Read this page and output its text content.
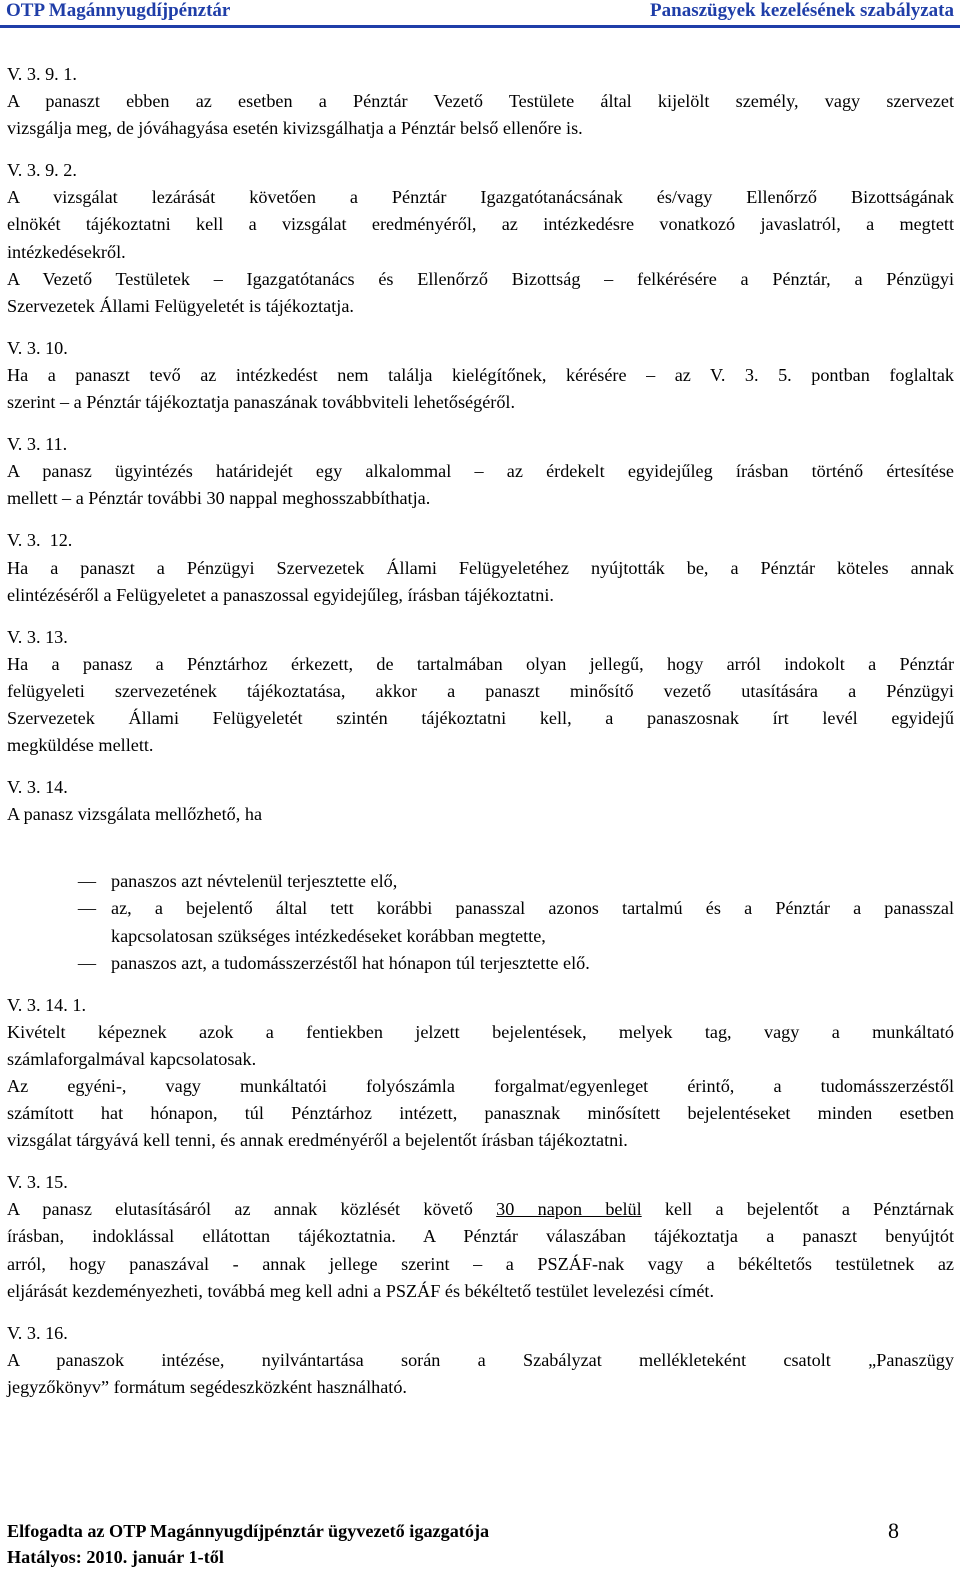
OTP Magánnyugdíjpénztár	Panaszügyek kezelésének szabályzata
V. 3. 9. 1.
A panaszt ebben az esetben a Pénztár Vezető Testülete által kijelölt személy, vagy szervezet
vizsgálja meg, de jóváhagyása esetén kivizsgálhatja a Pénztár belső ellenőre is.
V. 3. 9. 2.
A vizsgálat lezárását követően a Pénztár Igazgatótanácsának és/vagy Ellenőrző Bizottságának
elnökét tájékoztatni kell a vizsgálat eredményéről, az intézkedésre vonatkozó javaslatról, a megtett
intézkedésekről.
A Vezető Testületek – Igazgatótanács és Ellenőrző Bizottság – felkérésére a Pénztár, a Pénzügyi
Szervezetek Állami Felügyeletét is tájékoztatja.
V. 3. 10.
Ha a panaszt tevő az intézkedést nem találja kielégítőnek, kérésére – az V. 3. 5. pontban foglaltak
szerint – a Pénztár tájékoztatja panaszának továbbviteli lehetőségéről.
V. 3. 11.
A panasz ügyintézés határidejét egy alkalommal – az érdekelt egyidejűleg írásban történő értesítése
mellett – a Pénztár további 30 nappal meghosszabbíthatja.
V. 3.  12.
Ha a panaszt a Pénzügyi Szervezetek Állami Felügyeletéhez nyújtották be, a Pénztár köteles annak
elintézéséről a Felügyeletet a panaszossal egyidejűleg, írásban tájékoztatni.
V. 3. 13.
Ha a panasz a Pénztárhoz érkezett, de tartalmában olyan jellegű, hogy arról indokolt a Pénztár
felügyeleti szervezetének tájékoztatása, akkor a panaszt minősítő vezető utasítására a Pénzügyi
Szervezetek Állami Felügyeletét szintén tájékoztatni kell, a panaszosnak írt levél egyidejű
megküldése mellett.
V. 3. 14.
A panasz vizsgálata mellőzhető, ha
— panaszos azt névtelenül terjesztette elő,
— az, a bejelentő által tett korábbi panasszal azonos tartalmú és a Pénztár a panasszal
kapcsolatosan szükséges intézkedéseket korábban megtette,
— panaszos azt, a tudomásszerzéstől hat hónapon túl terjesztette elő.
V. 3. 14. 1.
Kivételt képeznek azok a fentiekben jelzett bejelentések, melyek tag, vagy a munkáltató
számlaforgalmával kapcsolatosak.
Az egyéni-, vagy munkáltatói folyószámla forgalmat/egyenleget érintő, a tudomásszerzéstől
számított hat hónapon, túl Pénztárhoz intézett, panasznak minősített bejelentéseket minden esetben
vizsgálat tárgyává kell tenni, és annak eredményéről a bejelentőt írásban tájékoztatni.
V. 3. 15.
A panasz elutasításáról az annak közlését követő 30 napon belül kell a bejelentőt a Pénztárnak
írásban, indoklással ellátottan tájékoztatnia. A Pénztár válaszában tájékoztatja a panaszt benyújtót
arról, hogy panaszával - annak jellege szerint – a PSZÁF-nak vagy a békéltetős testületnek az
eljárását kezdeményezheti, továbbá meg kell adni a PSZÁF és békéltető testület levelezési címét.
V. 3. 16.
A panaszok intézése, nyilvántartása során a Szabályzat mellékleteként csatolt „Panaszügy
jegyzőkönyv” formátum segédeszközként használható.
Elfogadta az OTP Magánnyugdíjpénztár ügyvezető igazgatója
Hatályos: 2010. január 1-től
8
